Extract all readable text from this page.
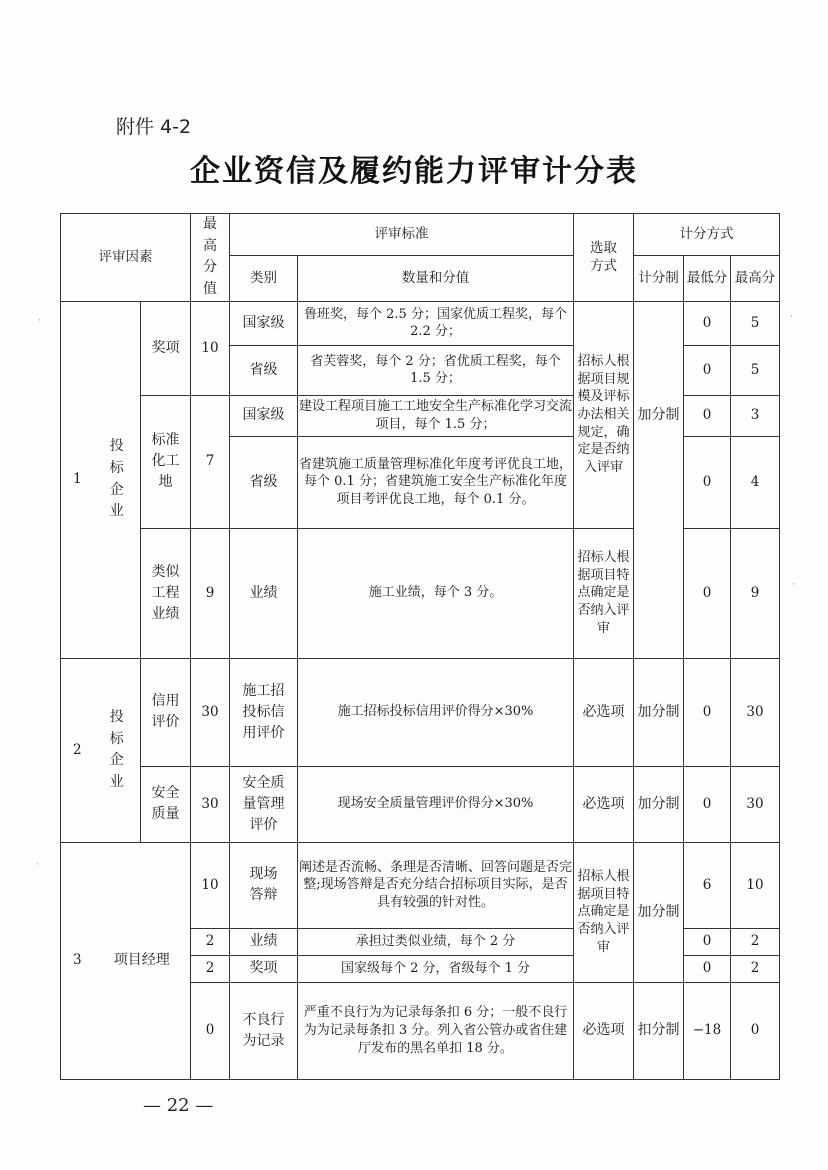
附件 4-2
企业资信及履约能力评审计分表
·
·
·
·
评审因素			最高分值	评审标准		选取方式	计分方式		
				类别	数量和分值		计分制	最低分	最高分
1	投标企业	奖项	10	国家级	鲁班奖，每个 2.5 分；国家优质工程奖，每个 2.2 分；	招标人根据项目规模及评标办法相关规定，确定是否纳入评审	加分制	0	5
				省级	省芙蓉奖，每个 2 分；省优质工程奖，每个 1.5 分；			0	5
		标准化工地	7	国家级	建设工程项目施工工地安全生产标准化学习交流项目，每个 1.5 分；			0	3
				省级	省建筑施工质量管理标准化年度考评优良工地，每个 0.1 分；省建筑施工安全生产标准化年度项目考评优良工地，每个 0.1 分。			0	4
		类似工程业绩	9	业绩	施工业绩，每个 3 分。	招标人根据项目特点确定是否纳入评审		0	9

2	投标企业	信用评价	30	施工招投标信用评价	施工招标投标信用评价得分×30%	必选项	加分制	0	30
		安全质量	30	安全质量管理评价	现场安全质量管理评价得分×30%	必选项	加分制	0	30
3	项目经理		10	现场答辩	阐述是否流畅、条理是否清晰、回答问题是否完整;现场答辩是否充分结合招标项目实际，是否具有较强的针对性。	招标人根据项目特点确定是否纳入评审	加分制	6	10
			2	业绩	承担过类似业绩，每个 2 分			0	2
			2	奖项	国家级每个 2 分，省级每个 1 分			0	2
			0	不良行为记录	严重不良行为为记录每条扣 6 分；一般不良行为为记录每条扣 3 分。列入省公管办或省住建厅发布的黑名单扣 18 分。	必选项	扣分制	−18	0
— 22 —
